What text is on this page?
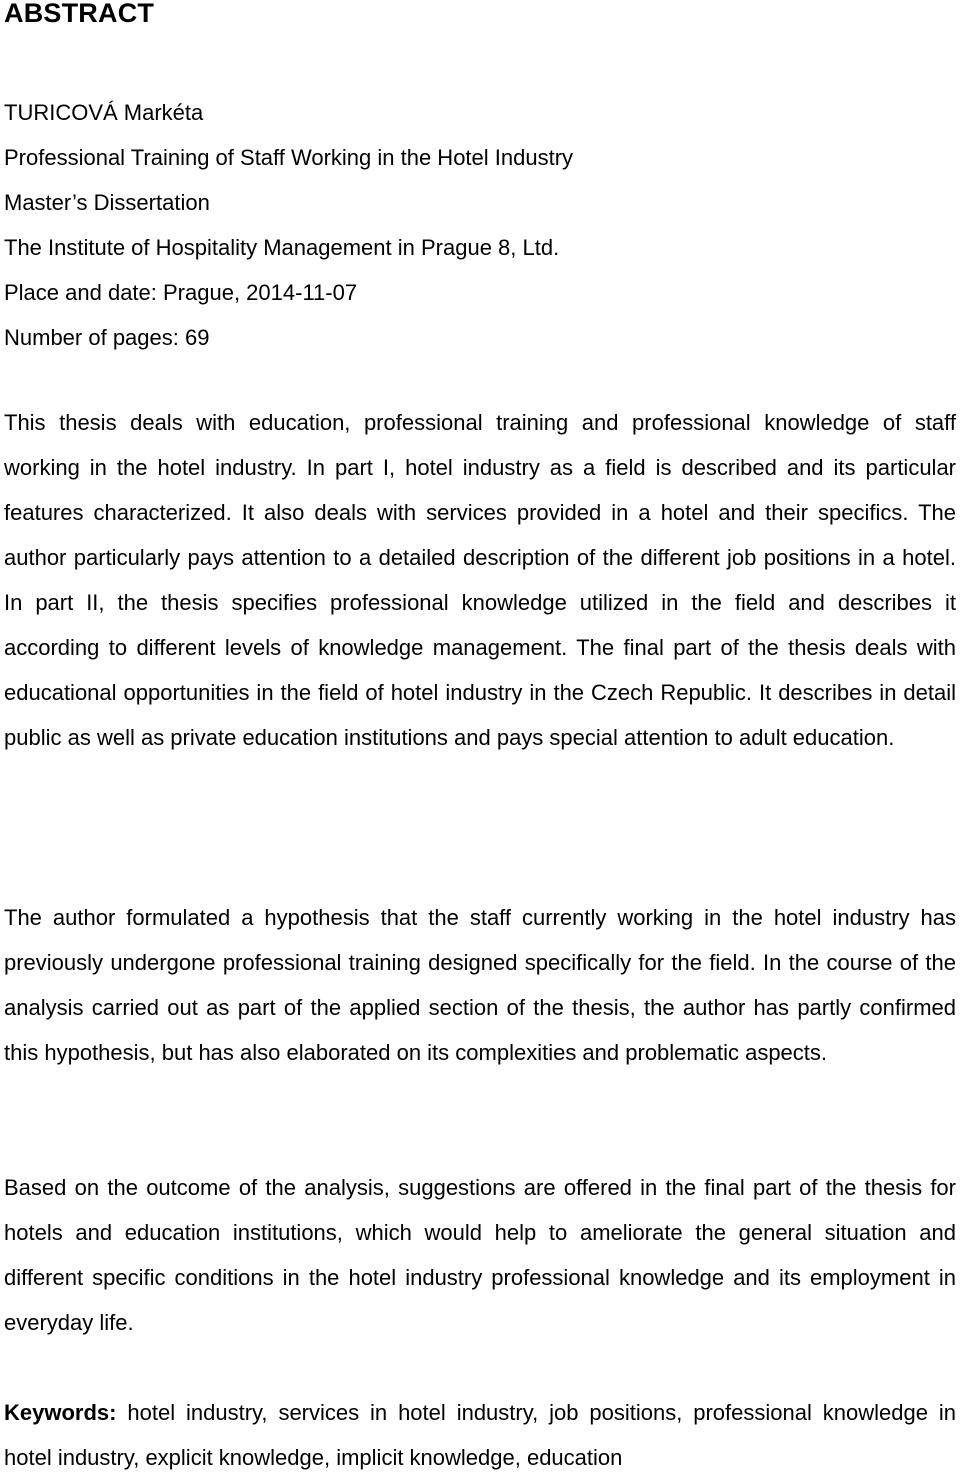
ABSTRACT
TURICOVÁ Markéta
Professional Training of Staff Working in the Hotel Industry
Master’s Dissertation
The Institute of Hospitality Management in Prague 8, Ltd.
Place and date: Prague, 2014-11-07
Number of pages: 69

This thesis deals with education, professional training and professional knowledge of staff working in the hotel industry. In part I, hotel industry as a field is described and its particular features characterized. It also deals with services provided in a hotel and their specifics. The author particularly pays attention to a detailed description of the different job positions in a hotel. In part II, the thesis specifies professional knowledge utilized in the field and describes it according to different levels of knowledge management. The final part of the thesis deals with educational opportunities in the field of hotel industry in the Czech Republic. It describes in detail public as well as private education institutions and pays special attention to adult education.

The author formulated a hypothesis that the staff currently working in the hotel industry has previously undergone professional training designed specifically for the field. In the course of the analysis carried out as part of the applied section of the thesis, the author has partly confirmed this hypothesis, but has also elaborated on its complexities and problematic aspects.

Based on the outcome of the analysis, suggestions are offered in the final part of the thesis for hotels and education institutions, which would help to ameliorate the general situation and different specific conditions in the hotel industry professional knowledge and its employment in everyday life.

Keywords: hotel industry, services in hotel industry, job positions, professional knowledge in hotel industry, explicit knowledge, implicit knowledge, education
